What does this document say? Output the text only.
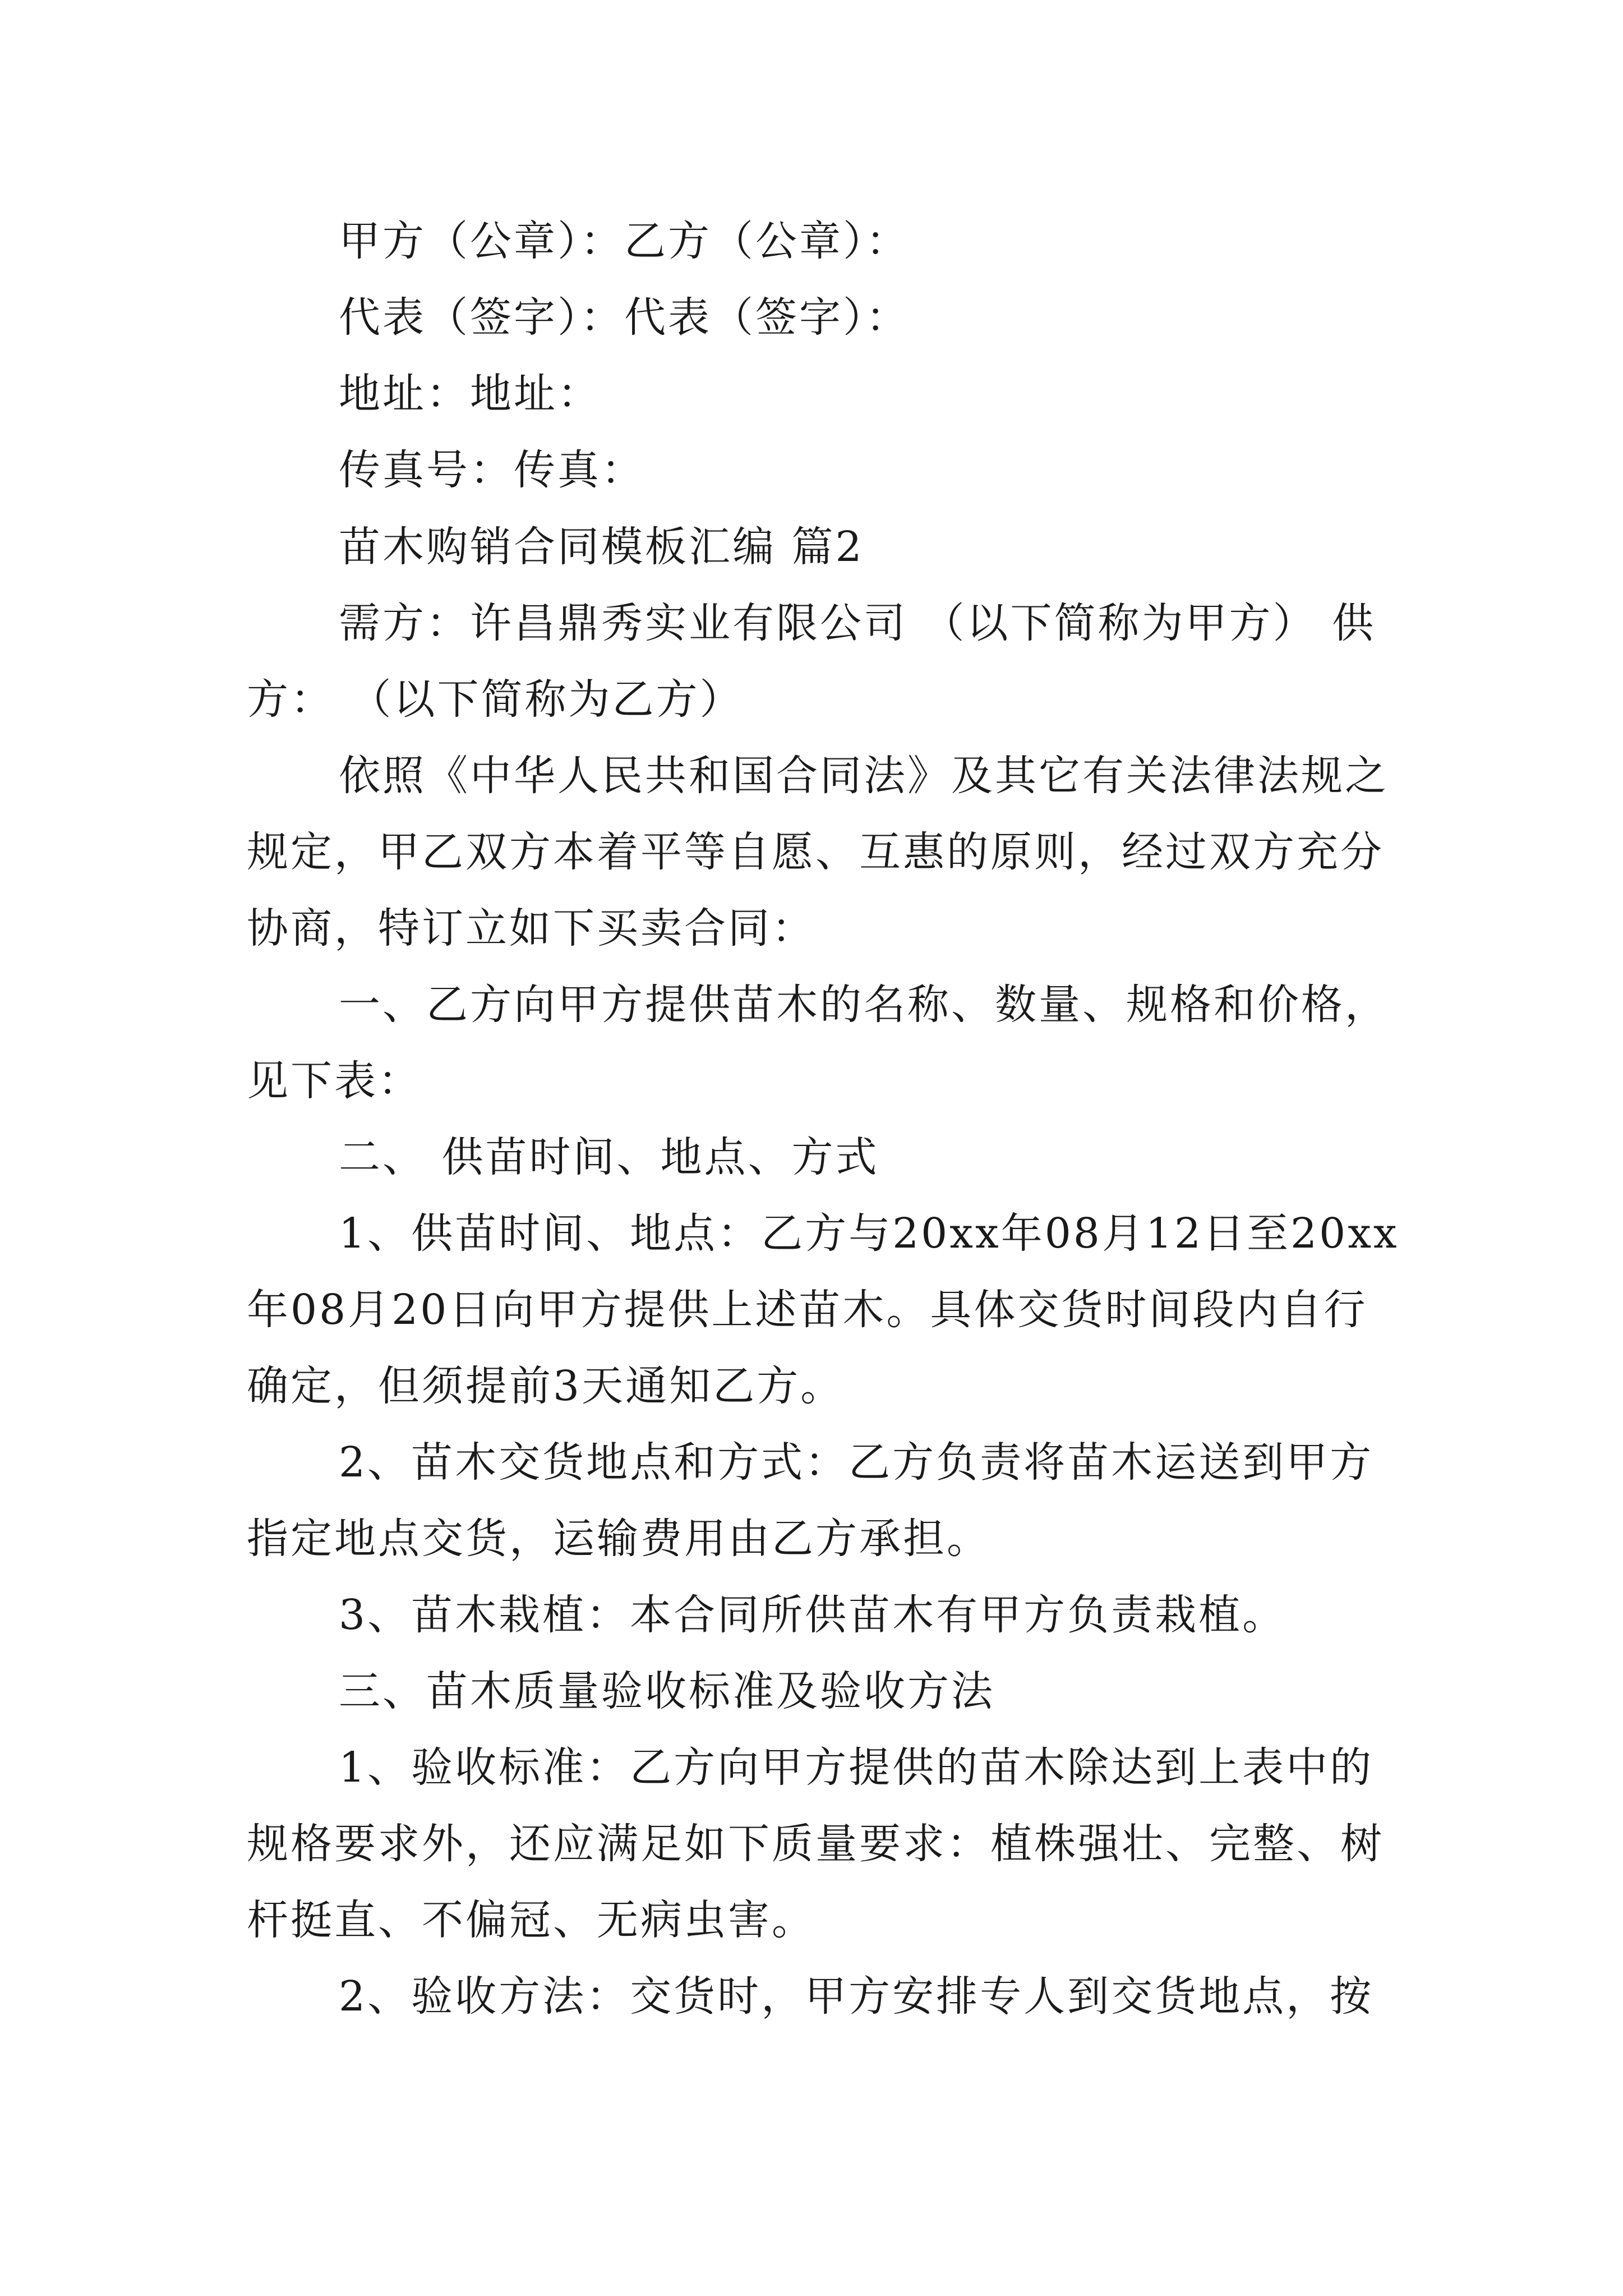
甲方（公章）：乙方（公章）：
代表（签字）：代表（签字）：
地址：地址：
传真号：传真：
苗木购销合同模板汇编 篇2
需方：许昌鼎秀实业有限公司 （以下简称为甲方） 供
方： （以下简称为乙方）
依照《中华人民共和国合同法》及其它有关法律法规之
规定，甲乙双方本着平等自愿、互惠的原则，经过双方充分
协商，特订立如下买卖合同：
一、乙方向甲方提供苗木的名称、数量、规格和价格，
见下表：
二、 供苗时间、地点、方式
1、供苗时间、地点：乙方与20xx年08月12日至20xx
年08月20日向甲方提供上述苗木。具体交货时间段内自行
确定，但须提前3天通知乙方。
2、苗木交货地点和方式：乙方负责将苗木运送到甲方
指定地点交货，运输费用由乙方承担。
3、苗木栽植：本合同所供苗木有甲方负责栽植。
三、苗木质量验收标准及验收方法
1、验收标准：乙方向甲方提供的苗木除达到上表中的
规格要求外，还应满足如下质量要求：植株强壮、完整、树
杆挺直、不偏冠、无病虫害。
2、验收方法：交货时，甲方安排专人到交货地点，按
